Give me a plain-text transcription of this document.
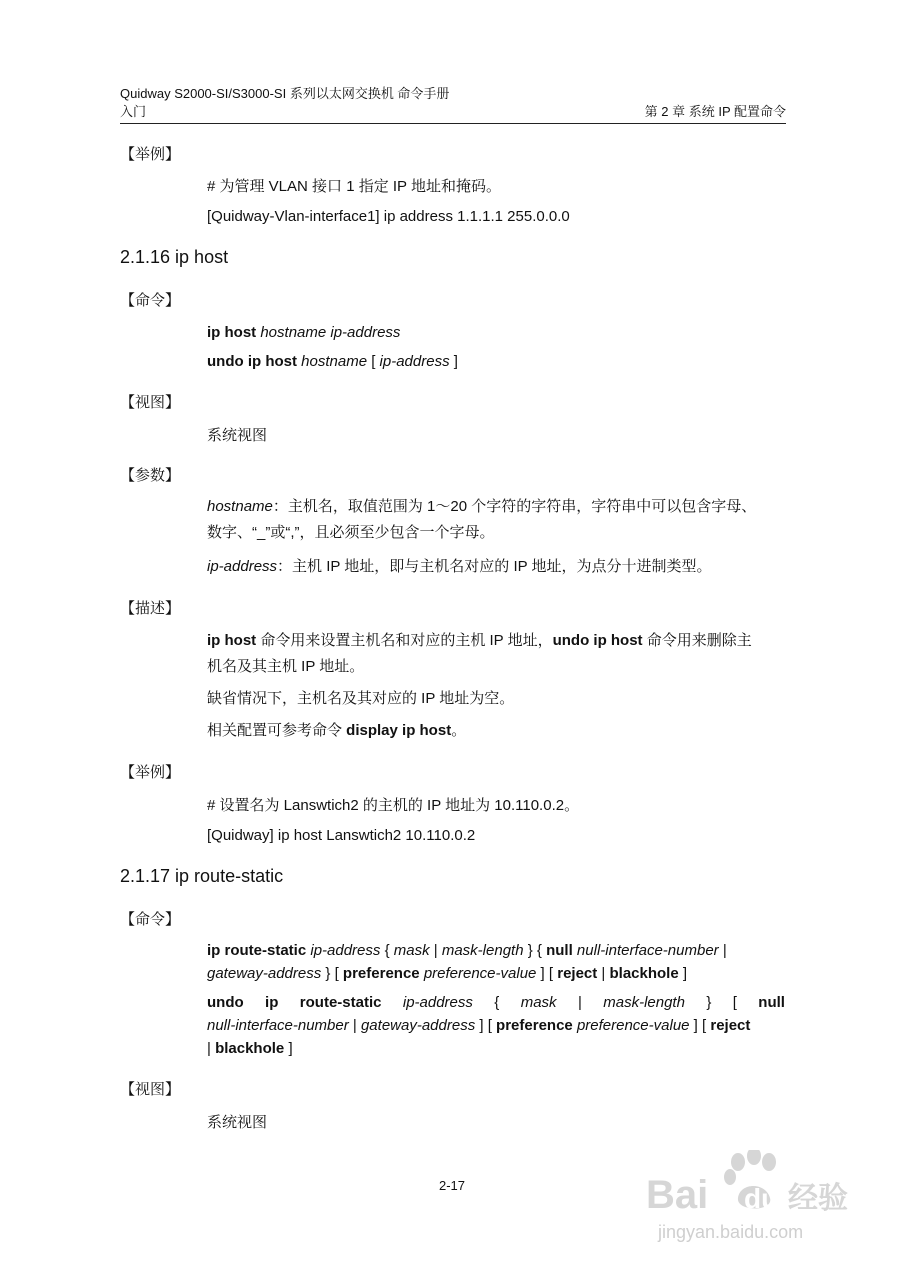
Quidway S2000-SI/S3000-SI 系列以太网交换机 命令手册
入门	第 2 章 系统 IP 配置命令
【举例】
# 为管理 VLAN 接口 1 指定 IP 地址和掩码。
[Quidway-Vlan-interface1] ip address 1.1.1.1 255.0.0.0
2.1.16 ip host
【命令】
ip host hostname ip-address
undo ip host hostname [ ip-address ]
【视图】
系统视图
【参数】
hostname：主机名，取值范围为 1～20 个字符的字符串，字符串中可以包含字母、
数字、“_”或“,”，且必须至少包含一个字母。
ip-address：主机 IP 地址，即与主机名对应的 IP 地址，为点分十进制类型。
【描述】
ip host 命令用来设置主机名和对应的主机 IP 地址，undo ip host 命令用来删除主
机名及其主机 IP 地址。
缺省情况下，主机名及其对应的 IP 地址为空。
相关配置可参考命令 display ip host。
【举例】
# 设置名为 Lanswtich2 的主机的 IP 地址为 10.110.0.2。
[Quidway] ip host Lanswtich2 10.110.0.2
2.1.17 ip route-static
【命令】
ip route-static ip-address { mask | mask-length } { null null-interface-number |
gateway-address } [ preference preference-value ] [ reject | blackhole ]
undo ip route-static ip-address { mask | mask-length } [ null
null-interface-number | gateway-address ] [ preference preference-value ] [ reject
| blackhole ]
【视图】
系统视图
2-17	Bai du 经验
jingyan.baidu.com
